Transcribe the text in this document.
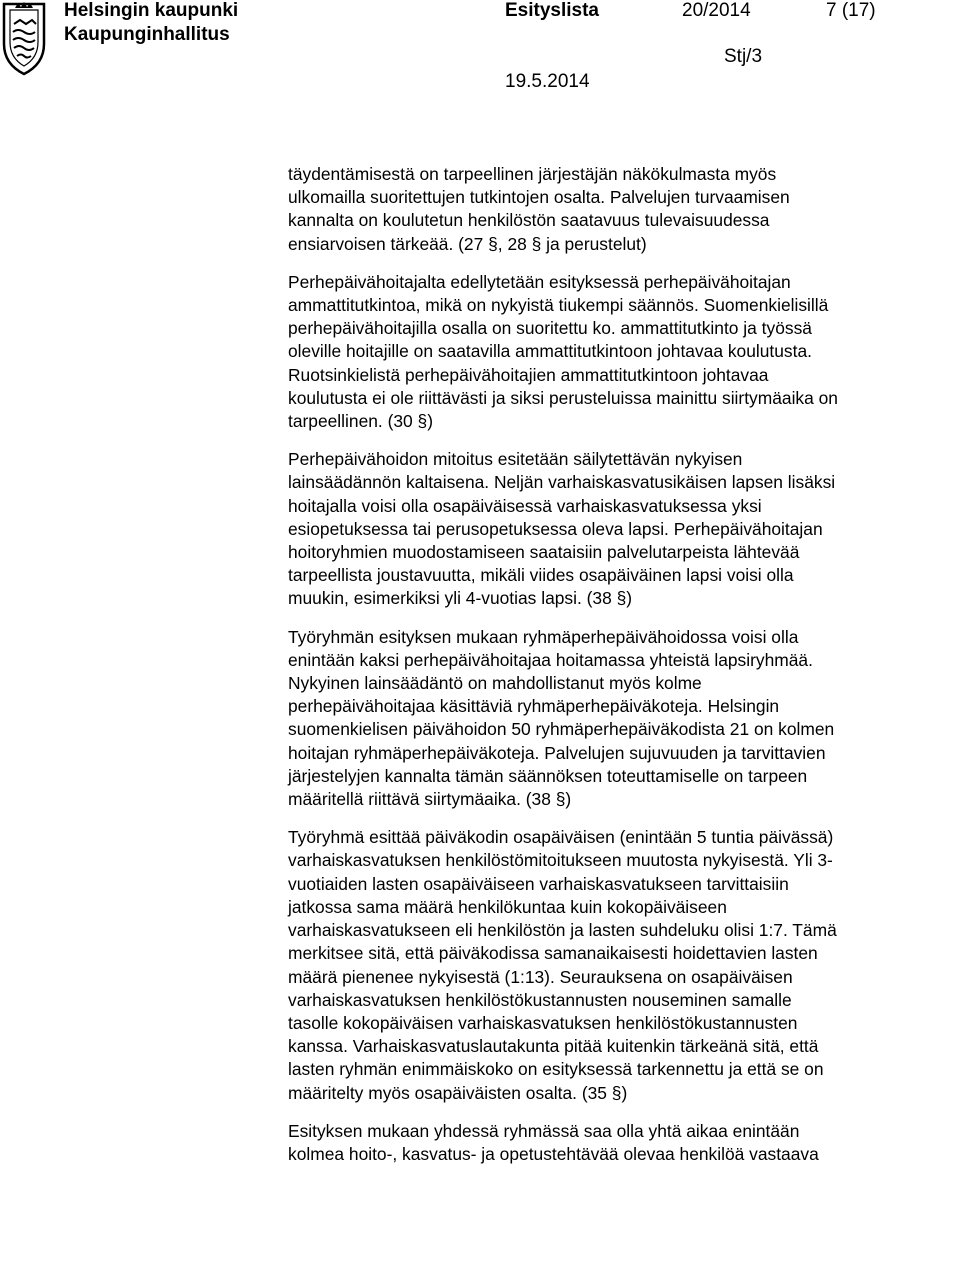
Helsingin kaupunki
Kaupunginhallitus
Esityslista	20/2014	7 (17)
Stj/3
19.5.2014

täydentämisestä on tarpeellinen järjestäjän näkökulmasta myös
ulkomailla suoritettujen tutkintojen osalta. Palvelujen turvaamisen
kannalta on koulutetun henkilöstön saatavuus tulevaisuudessa
ensiarvoisen tärkeää. (27 §, 28 § ja perustelut)

Perhepäivähoitajalta edellytetään esityksessä perhepäivähoitajan
ammattitutkintoa, mikä on nykyistä tiukempi säännös. Suomenkielisillä
perhepäivähoitajilla osalla on suoritettu ko. ammattitutkinto ja työssä
oleville hoitajille on saatavilla ammattitutkintoon johtavaa koulutusta.
Ruotsinkielistä perhepäivähoitajien ammattitutkintoon johtavaa
koulutusta ei ole riittävästi ja siksi perusteluissa mainittu siirtymäaika on
tarpeellinen. (30 §)

Perhepäivähoidon mitoitus esitetään säilytettävän nykyisen
lainsäädännön kaltaisena. Neljän varhaiskasvatusikäisen lapsen lisäksi
hoitajalla voisi olla osapäiväisessä varhaiskasvatuksessa yksi
esiopetuksessa tai perusopetuksessa oleva lapsi. Perhepäivähoitajan
hoitoryhmien muodostamiseen saataisiin palvelutarpeista lähtevää
tarpeellista joustavuutta, mikäli viides osapäiväinen lapsi voisi olla
muukin, esimerkiksi yli 4-vuotias lapsi. (38 §)

Työryhmän esityksen mukaan ryhmäperhepäivähoidossa voisi olla
enintään kaksi perhepäivähoitajaa hoitamassa yhteistä lapsiryhmää.
Nykyinen lainsäädäntö on mahdollistanut myös kolme
perhepäivähoitajaa käsittäviä ryhmäperhepäiväkoteja. Helsingin
suomenkielisen päivähoidon 50 ryhmäperhepäiväkodista 21 on kolmen
hoitajan ryhmäperhepäiväkoteja. Palvelujen sujuvuuden ja tarvittavien
järjestelyjen kannalta tämän säännöksen toteuttamiselle on tarpeen
määritellä riittävä siirtymäaika. (38 §)

Työryhmä esittää päiväkodin osapäiväisen (enintään 5 tuntia päivässä)
varhaiskasvatuksen henkilöstömitoitukseen muutosta nykyisestä. Yli 3-
vuotiaiden lasten osapäiväiseen varhaiskasvatukseen tarvittaisiin
jatkossa sama määrä henkilökuntaa kuin kokopäiväiseen
varhaiskasvatukseen eli henkilöstön ja lasten suhdeluku olisi 1:7. Tämä
merkitsee sitä, että päiväkodissa samanaikaisesti hoidettavien lasten
määrä pienenee nykyisestä (1:13). Seurauksena on osapäiväisen
varhaiskasvatuksen henkilöstökustannusten nouseminen samalle
tasolle kokopäiväisen varhaiskasvatuksen henkilöstökustannusten
kanssa. Varhaiskasvatuslautakunta pitää kuitenkin tärkeänä sitä, että
lasten ryhmän enimmäiskoko on esityksessä tarkennettu ja että se on
määritelty myös osapäiväisten osalta. (35 §)

Esityksen mukaan yhdessä ryhmässä saa olla yhtä aikaa enintään
kolmea hoito-, kasvatus- ja opetustehtävää olevaa henkilöä vastaava
